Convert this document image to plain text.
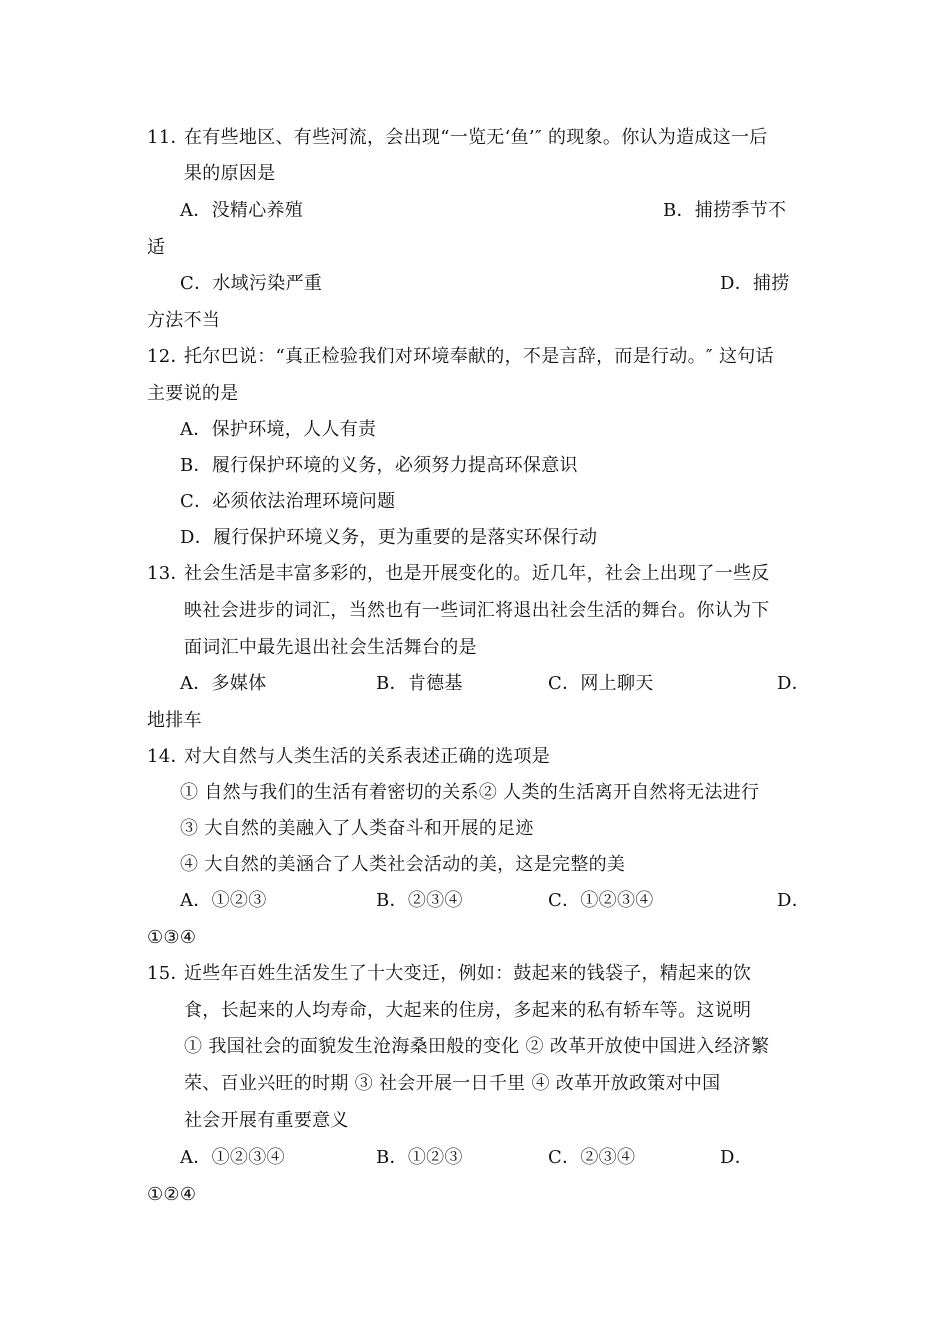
11．
在有些地区、有些河流，会出现“一览无‘鱼’″ 的现象。你认为造成这一后
果的原因是
A．没精心养殖	B．捕捞季节不
适
C．水域污染严重	D．捕捞
方法不当
12．
托尔巴说：“真正检验我们对环境奉献的，不是言辞，而是行动。″ 这句话
主要说的是
A．保护环境，人人有责
B．履行保护环境的义务，必须努力提高环保意识
C．必须依法治理环境问题
D．履行保护环境义务，更为重要的是落实环保行动
13．
社会生活是丰富多彩的，也是开展变化的。近几年，社会上出现了一些反
映社会进步的词汇，当然也有一些词汇将退出社会生活的舞台。你认为下
面词汇中最先退出社会生活舞台的是
A．多媒体	B．肯德基	C．网上聊天	D．
地排车
14．
对大自然与人类生活的关系表述正确的选项是
① 自然与我们的生活有着密切的关系② 人类的生活离开自然将无法进行
③ 大自然的美融入了人类奋斗和开展的足迹
④ 大自然的美涵合了人类社会活动的美，这是完整的美
A．①②③	B．②③④	C．①②③④	D．
①③④
15．
近些年百姓生活发生了十大变迁，例如：鼓起来的钱袋子，精起来的饮
食，长起来的人均寿命，大起来的住房，多起来的私有轿车等。这说明
① 我国社会的面貌发生沧海桑田般的变化 ② 改革开放使中国进入经济繁
荣、百业兴旺的时期 ③ 社会开展一日千里 ④ 改革开放政策对中国
社会开展有重要意义
A．①②③④	B．①②③	C．②③④	D．
①②④
